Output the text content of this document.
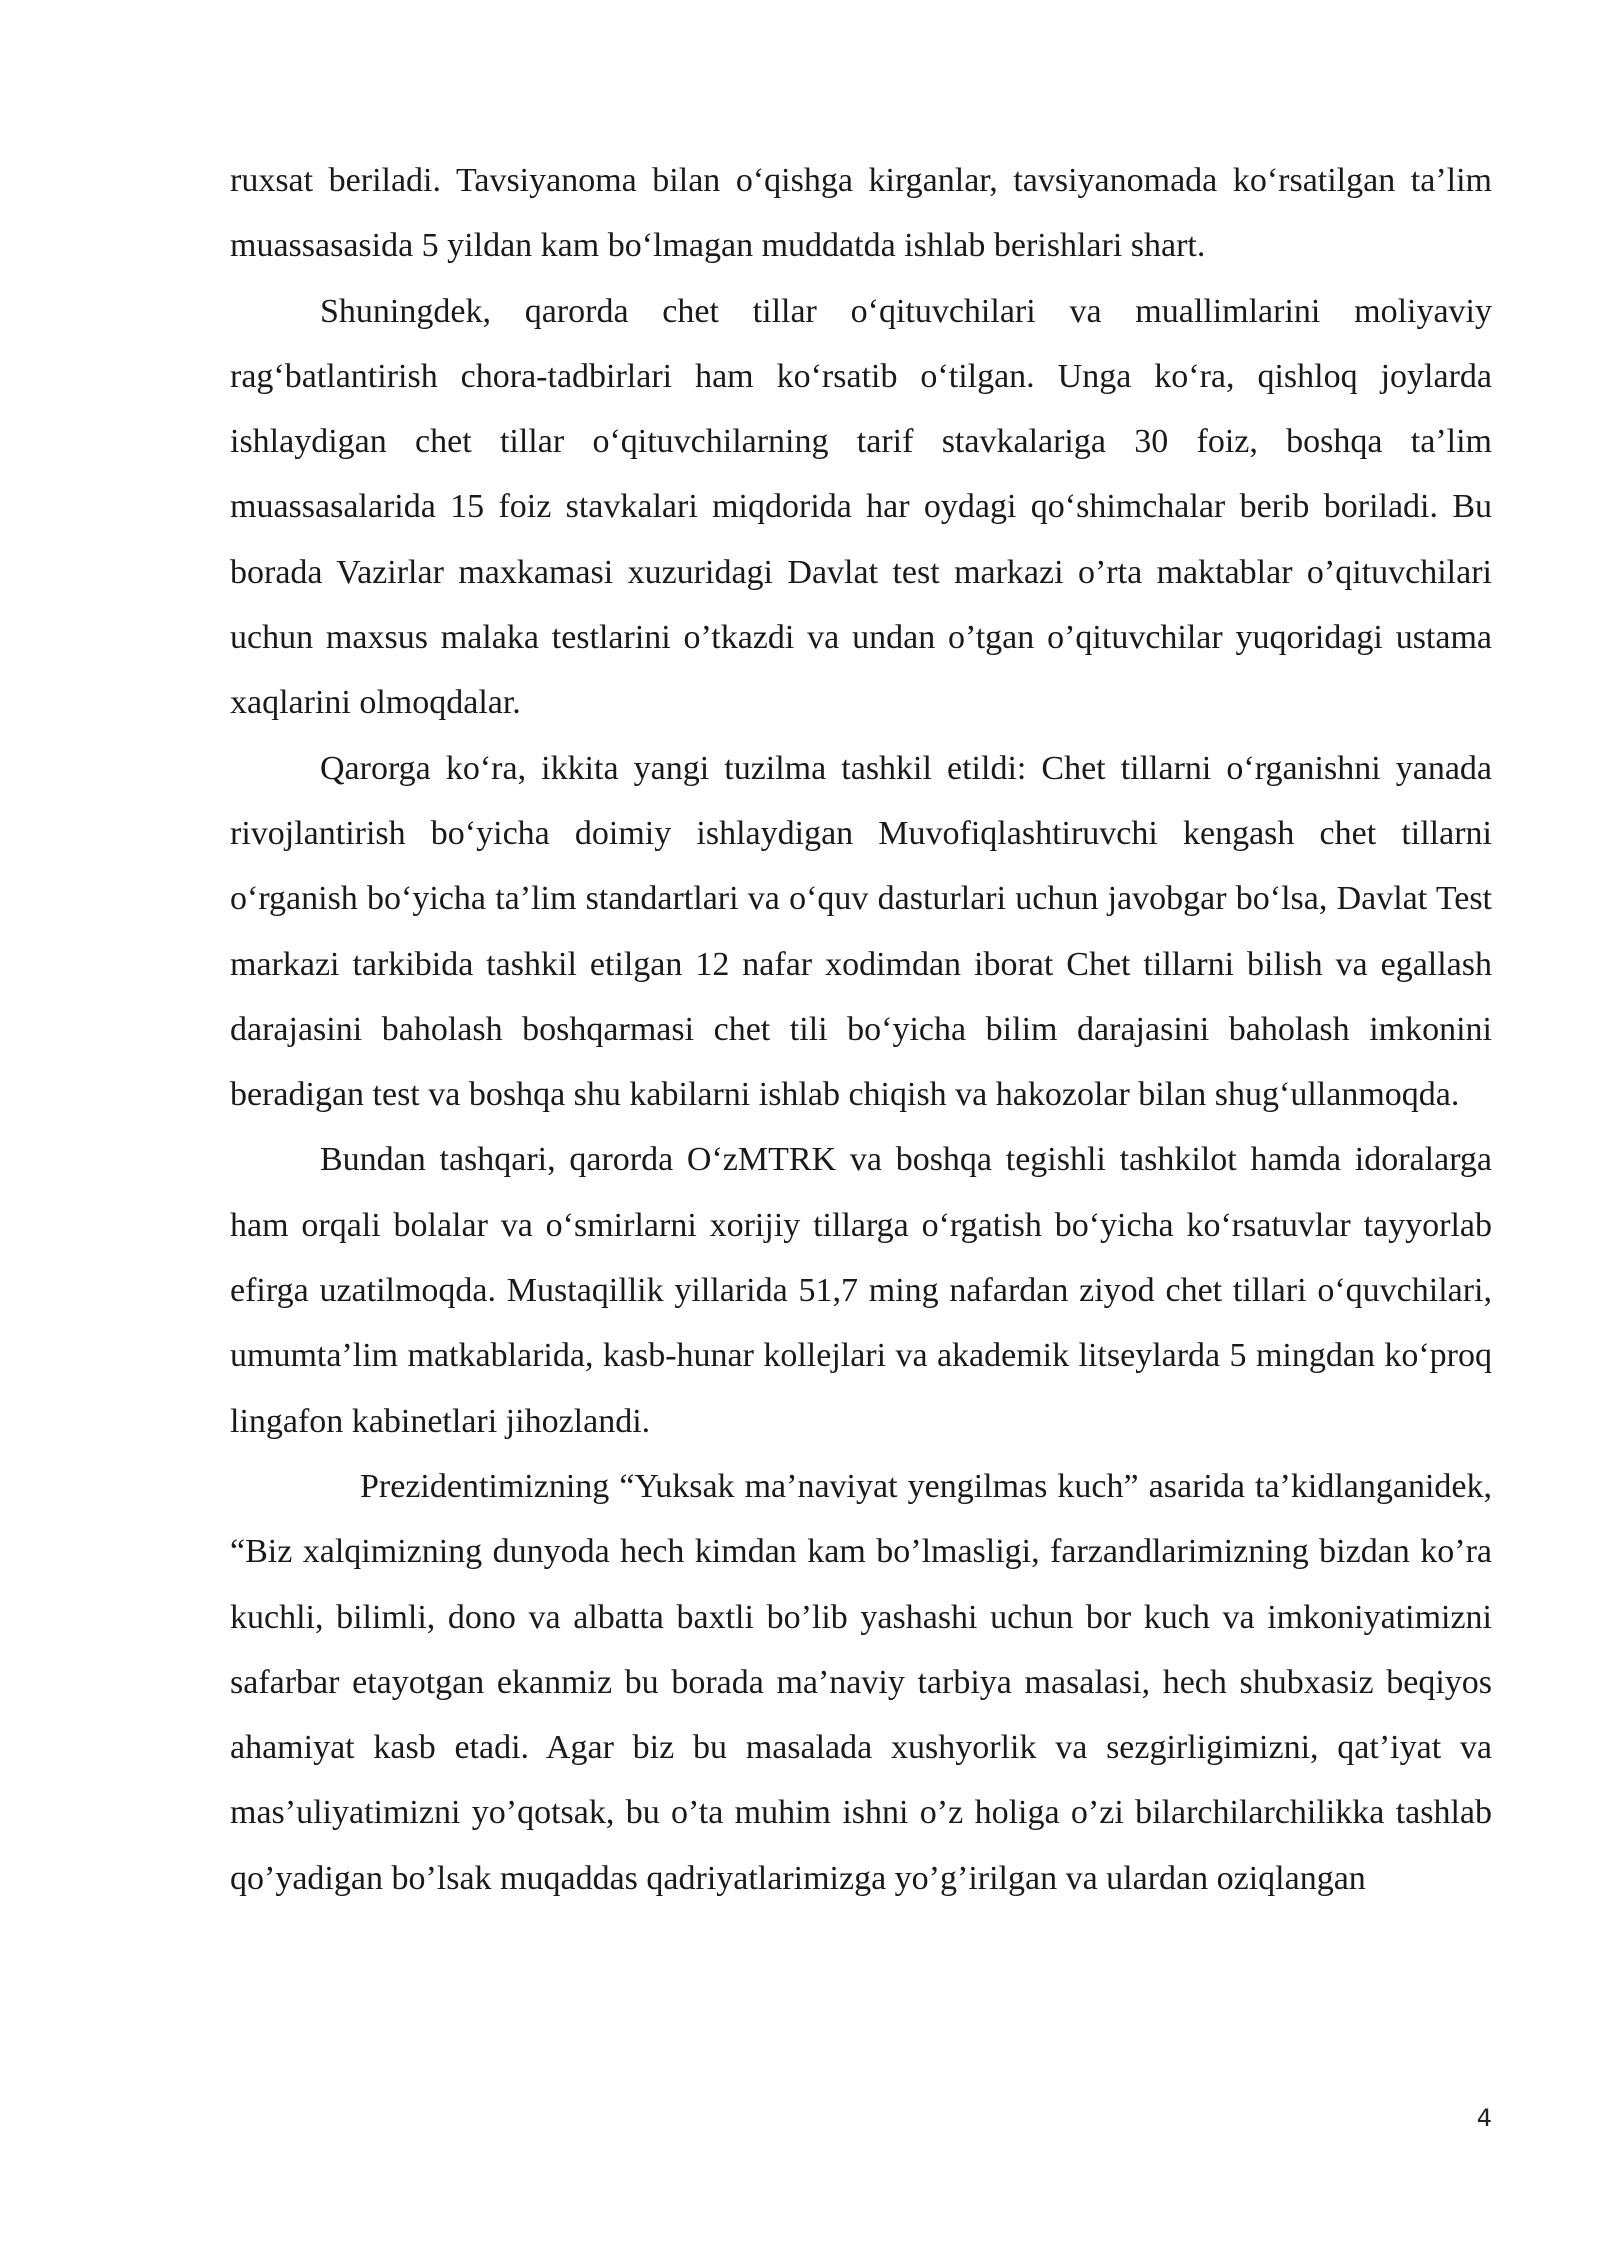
ruxsat beriladi. Tavsiyanoma bilan o‘qishga kirganlar, tavsiyanomada ko‘rsatilgan ta’lim muassasasida 5 yildan kam bo‘lmagan muddatda ishlab berishlari shart.

Shuningdek, qarorda chet tillar o‘qituvchilari va muallimlarini moliyaviy rag‘batlantirish chora-tadbirlari ham ko‘rsatib o‘tilgan. Unga ko‘ra, qishloq joylarda ishlaydigan chet tillar o‘qituvchilarning tarif stavkalariga 30 foiz, boshqa ta’lim muassasalarida 15 foiz stavkalari miqdorida har oydagi qo‘shimchalar berib boriladi. Bu borada Vazirlar maxkamasi xuzuridagi Davlat test markazi o’rta maktablar o’qituvchilari uchun maxsus malaka testlarini o’tkazdi va undan o’tgan o’qituvchilar yuqoridagi ustama xaqlarini olmoqdalar.

Qarorga ko‘ra, ikkita yangi tuzilma tashkil etildi: Chet tillarni o‘rganishni yanada rivojlantirish bo‘yicha doimiy ishlaydigan Muvofiqlashtiruvchi kengash chet tillarni o‘rganish bo‘yicha ta’lim standartlari va o‘quv dasturlari uchun javobgar bo‘lsa, Davlat Test markazi tarkibida tashkil etilgan 12 nafar xodimdan iborat Chet tillarni bilish va egallash darajasini baholash boshqarmasi chet tili bo‘yicha bilim darajasini baholash imkonini beradigan test va boshqa shu kabilarni ishlab chiqish va hakozolar bilan shug‘ullanmoqda.

Bundan tashqari, qarorda O‘zMTRK va boshqa tegishli tashkilot hamda idoralarga ham orqali bolalar va o‘smirlarni xorijiy tillarga o‘rgatish bo‘yicha ko‘rsatuvlar tayyorlab efirga uzatilmoqda. Mustaqillik yillarida 51,7 ming nafardan ziyod chet tillari o‘quvchilari, umumta’lim matkablarida, kasb-hunar kollejlari va akademik litseylarda 5 mingdan ko‘proq lingafon kabinetlari jihozlandi.

Prezidentimizning “Yuksak ma’naviyat yengilmas kuch” asarida ta’kidlanganidek, “Biz xalqimizning dunyoda hech kimdan kam bo’lmasligi, farzandlarimizning bizdan ko’ra kuchli, bilimli, dono va albatta baxtli bo’lib yashashi uchun bor kuch va imkoniyatimizni safarbar etayotgan ekanmiz bu borada ma’naviy tarbiya masalasi, hech shubxasiz beqiyos ahamiyat kasb etadi. Agar biz bu masalada xushyorlik va sezgirligimizni, qat’iyat va mas’uliyatimizni yo’qotsak, bu o’ta muhim ishni o’z holiga o’zi bilarchilarchilikka tashlab qo’yadigan bo’lsak muqaddas qadriyatlarimizga yo’g’irilgan va ulardan oziqlangan

4
